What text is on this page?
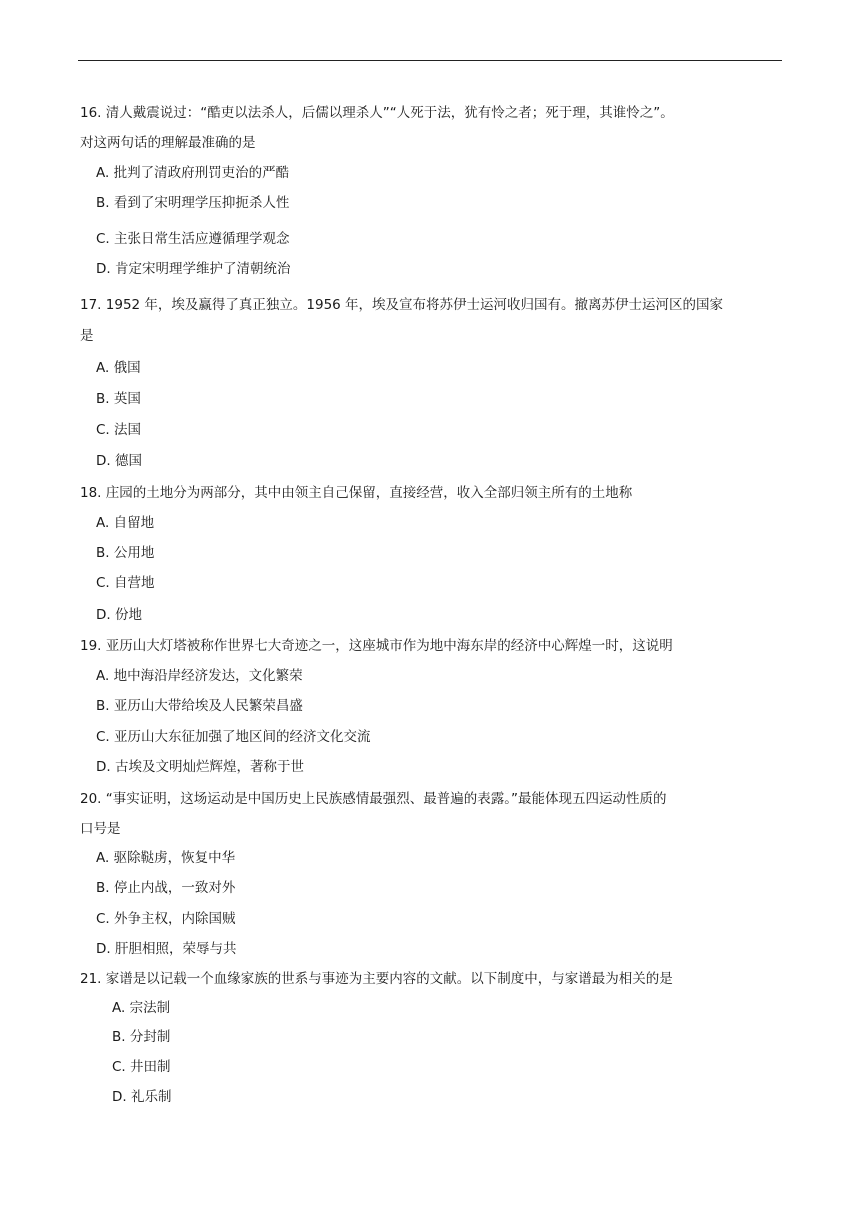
16. 清人戴震说过：“酷吏以法杀人，后儒以理杀人”“人死于法，犹有怜之者；死于理，其谁怜之”。
对这两句话的理解最准确的是
A. 批判了清政府刑罚吏治的严酷
B. 看到了宋明理学压抑扼杀人性
C. 主张日常生活应遵循理学观念
D. 肯定宋明理学维护了清朝统治
17. 1952 年，埃及赢得了真正独立。1956 年，埃及宣布将苏伊士运河收归国有。撤离苏伊士运河区的国家
是
A. 俄国
B. 英国
C. 法国
D. 德国
18. 庄园的土地分为两部分，其中由领主自己保留，直接经营，收入全部归领主所有的土地称
A. 自留地
B. 公用地
C. 自营地
D. 份地
19. 亚历山大灯塔被称作世界七大奇迹之一，这座城市作为地中海东岸的经济中心辉煌一时，这说明
A. 地中海沿岸经济发达，文化繁荣
B. 亚历山大带给埃及人民繁荣昌盛
C. 亚历山大东征加强了地区间的经济文化交流
D. 古埃及文明灿烂辉煌，著称于世
20. “事实证明，这场运动是中国历史上民族感情最强烈、最普遍的表露。”最能体现五四运动性质的
口号是
A. 驱除鞑虏，恢复中华
B. 停止内战，一致对外
C. 外争主权，内除国贼
D. 肝胆相照，荣辱与共
21. 家谱是以记载一个血缘家族的世系与事迹为主要内容的文献。以下制度中，与家谱最为相关的是
A. 宗法制
B. 分封制
C. 井田制
D. 礼乐制
